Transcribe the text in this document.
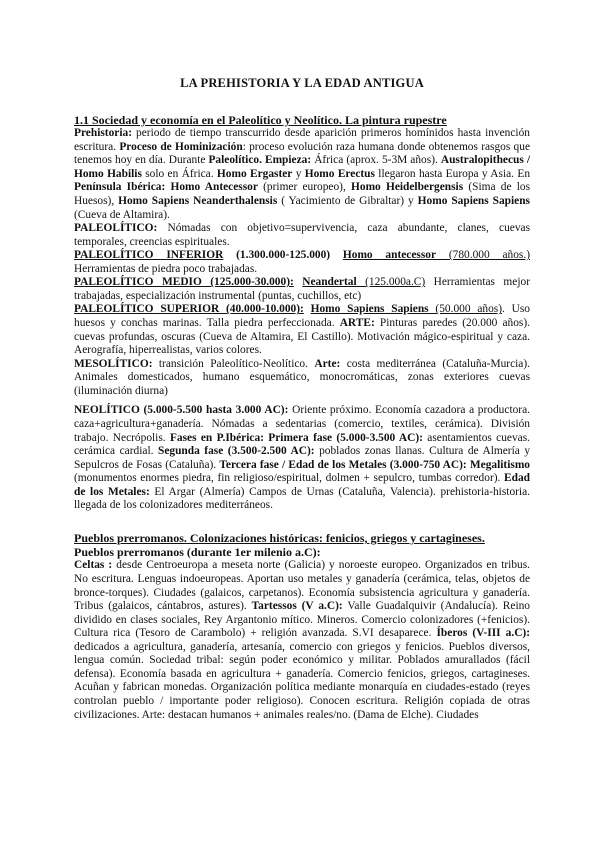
LA PREHISTORIA Y LA EDAD ANTIGUA
1.1 Sociedad y economía en el Paleolítico y Neolítico. La pintura rupestre

Prehistoria: periodo de tiempo transcurrido desde aparición primeros homínidos hasta invención escritura. Proceso de Hominización: proceso evolución raza humana donde obtenemos rasgos que tenemos hoy en día. Durante Paleolítico. Empieza: África (aprox. 5-3M años). Australopithecus / Homo Habilis solo en África. Homo Ergaster y Homo Erectus llegaron hasta Europa y Asia. En Península Ibérica: Homo Antecessor (primer europeo), Homo Heidelbergensis (Sima de los Huesos), Homo Sapiens Neanderthalensis ( Yacimiento de Gibraltar) y Homo Sapiens Sapiens (Cueva de Altamira).

PALEOLÍTICO: Nómadas con objetivo=supervivencia, caza abundante, clanes, cuevas temporales, creencias espirituales.

PALEOLÍTICO INFERIOR (1.300.000-125.000) Homo antecessor (780.000 años.) Herramientas de piedra poco trabajadas.

PALEOLÍTICO MEDIO (125.000-30.000): Neandertal (125.000a.C) Herramientas mejor trabajadas, especialización instrumental (puntas, cuchillos, etc)

PALEOLÍTICO SUPERIOR (40.000-10.000): Homo Sapiens Sapiens (50.000 años). Uso huesos y conchas marinas. Talla piedra perfeccionada. ARTE: Pinturas paredes (20.000 años). cuevas profundas, oscuras (Cueva de Altamira, El Castillo). Motivación mágico-espiritual y caza. Aerografía, hiperrealistas, varios colores.

MESOLÍTICO: transición Paleolítico-Neolítico. Arte: costa mediterránea (Cataluña-Murcia). Animales domesticados, humano esquemático, monocromáticas, zonas exteriores cuevas (iluminación diurna)

NEOLÍTICO (5.000-5.500 hasta 3.000 AC): Oriente próximo. Economía cazadora a productora. caza+agricultura+ganadería. Nómadas a sedentarias (comercio, textiles, cerámica). División trabajo. Necrópolis. Fases en P.Ibérica: Primera fase (5.000-3.500 AC): asentamientos cuevas. cerámica cardial. Segunda fase (3.500-2.500 AC): poblados zonas llanas. Cultura de Almería y Sepulcros de Fosas (Cataluña). Tercera fase / Edad de los Metales (3.000-750 AC): Megalitismo (monumentos enormes piedra, fin religioso/espiritual, dolmen + sepulcro, tumbas corredor). Edad de los Metales: El Argar (Almería) Campos de Urnas (Cataluña, Valencia). prehistoria-historia. llegada de los colonizadores mediterráneos.

Pueblos prerromanos. Colonizaciones históricas: fenicios, griegos y cartagineses.
Pueblos prerromanos (durante 1er milenio a.C):

Celtas : desde Centroeuropa a meseta norte (Galicia) y noroeste europeo. Organizados en tribus. No escritura. Lenguas indoeuropeas. Aportan uso metales y ganadería (cerámica, telas, objetos de bronce-torques). Ciudades (galaicos, carpetanos). Economía subsistencia agricultura y ganadería. Tribus (galaicos, cántabros, astures). Tartessos (V a.C): Valle Guadalquivir (Andalucía). Reino dividido en clases sociales, Rey Argantonio mítico. Mineros. Comercio colonizadores (+fenicios). Cultura rica (Tesoro de Carambolo) + religión avanzada. S.VI desaparece. Íberos (V-III a.C): dedicados a agricultura, ganadería, artesanía, comercio con griegos y fenicios. Pueblos diversos, lengua común. Sociedad tribal: según poder económico y militar. Poblados amurallados (fácil defensa). Economía basada en agricultura + ganadería. Comercio fenicios, griegos, cartagineses. Acuñan y fabrican monedas. Organización política mediante monarquía en ciudades-estado (reyes controlan pueblo / importante poder religioso). Conocen escritura. Religión copiada de otras civilizaciones. Arte: destacan humanos + animales reales/no. (Dama de Elche). Ciudades
